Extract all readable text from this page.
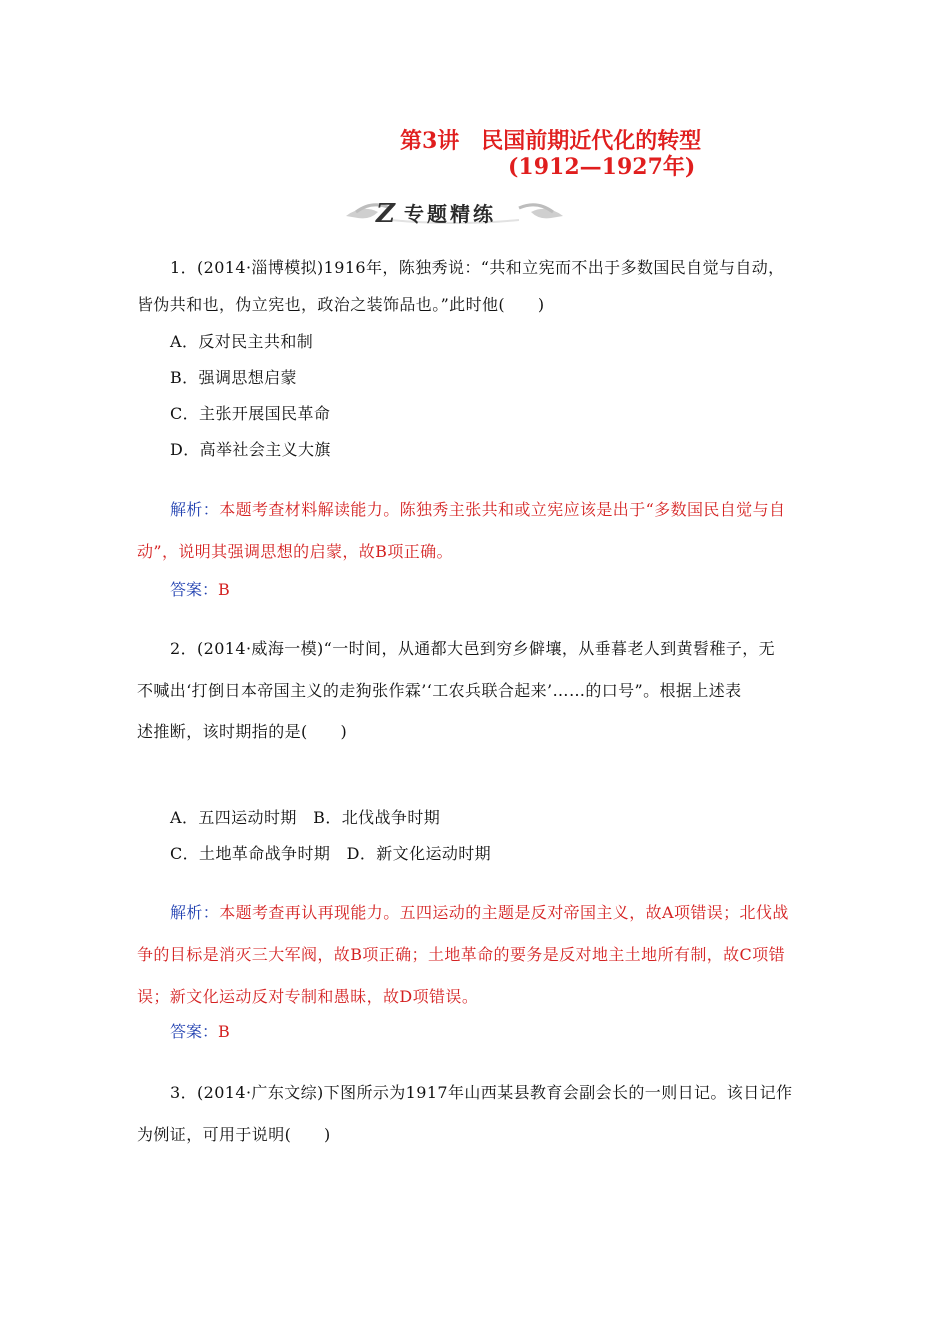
第3讲　民国前期近代化的转型
(1912—1927年)
Z 专题精练
1．(2014·淄博模拟)1916年，陈独秀说：“共和立宪而不出于多数国民自觉与自动，
皆伪共和也，伪立宪也，政治之装饰品也。”此时他(　　)
A．反对民主共和制
B．强调思想启蒙
C．主张开展国民革命
D．高举社会主义大旗
解析：本题考查材料解读能力。陈独秀主张共和或立宪应该是出于“多数国民自觉与自
动”，说明其强调思想的启蒙，故B项正确。
答案：B
2．(2014·威海一模)“一时间，从通都大邑到穷乡僻壤，从垂暮老人到黄髫稚子，无
不喊出‘打倒日本帝国主义的走狗张作霖’‘工农兵联合起来’……的口号”。根据上述表
述推断，该时期指的是(　　)
A．五四运动时期　B．北伐战争时期
C．土地革命战争时期　D．新文化运动时期
解析：本题考查再认再现能力。五四运动的主题是反对帝国主义，故A项错误；北伐战
争的目标是消灭三大军阀，故B项正确；土地革命的要务是反对地主土地所有制，故C项错
误；新文化运动反对专制和愚昧，故D项错误。
答案：B
3．(2014·广东文综)下图所示为1917年山西某县教育会副会长的一则日记。该日记作
为例证，可用于说明(　　)
